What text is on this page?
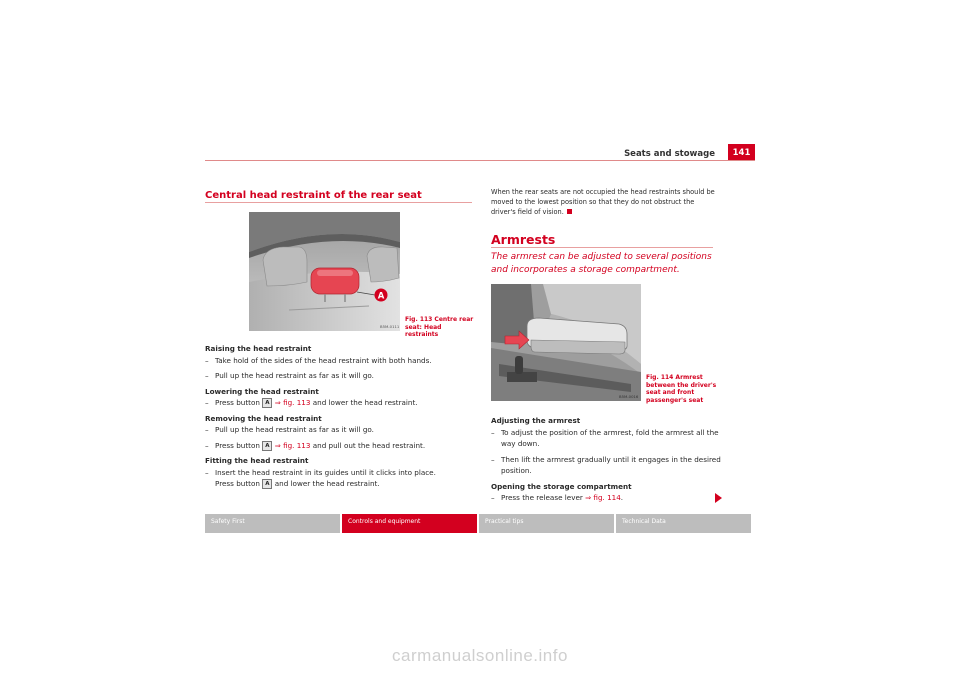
Seats and stowage	141
Central head restraint of the rear seat
A
B5M-0111
Fig. 113 Centre rear seat: Head restraints
Raising the head restraint
– Take hold of the sides of the head restraint with both hands.
– Pull up the head restraint as far as it will go.
Lowering the head restraint
– Press button A ⇒ fig. 113 and lower the head restraint.
Removing the head restraint
– Pull up the head restraint as far as it will go.
– Press button A ⇒ fig. 113 and pull out the head restraint.
Fitting the head restraint
– Insert the head restraint in its guides until it clicks into place.
Press button A and lower the head restraint.
When the rear seats are not occupied the head restraints should be moved to the lowest position so that they do not obstruct the driver's field of vision.
Armrests
The armrest can be adjusted to several positions and incorporates a storage compartment.
B5M-0016
Fig. 114 Armrest between the driver's seat and front passenger's seat
Adjusting the armrest
– To adjust the position of the armrest, fold the armrest all the way down.
– Then lift the armrest gradually until it engages in the desired position.
Opening the storage compartment
– Press the release lever ⇒ fig. 114.
Safety First	Controls and equipment	Practical tips	Technical Data
carmanualsonline.info
